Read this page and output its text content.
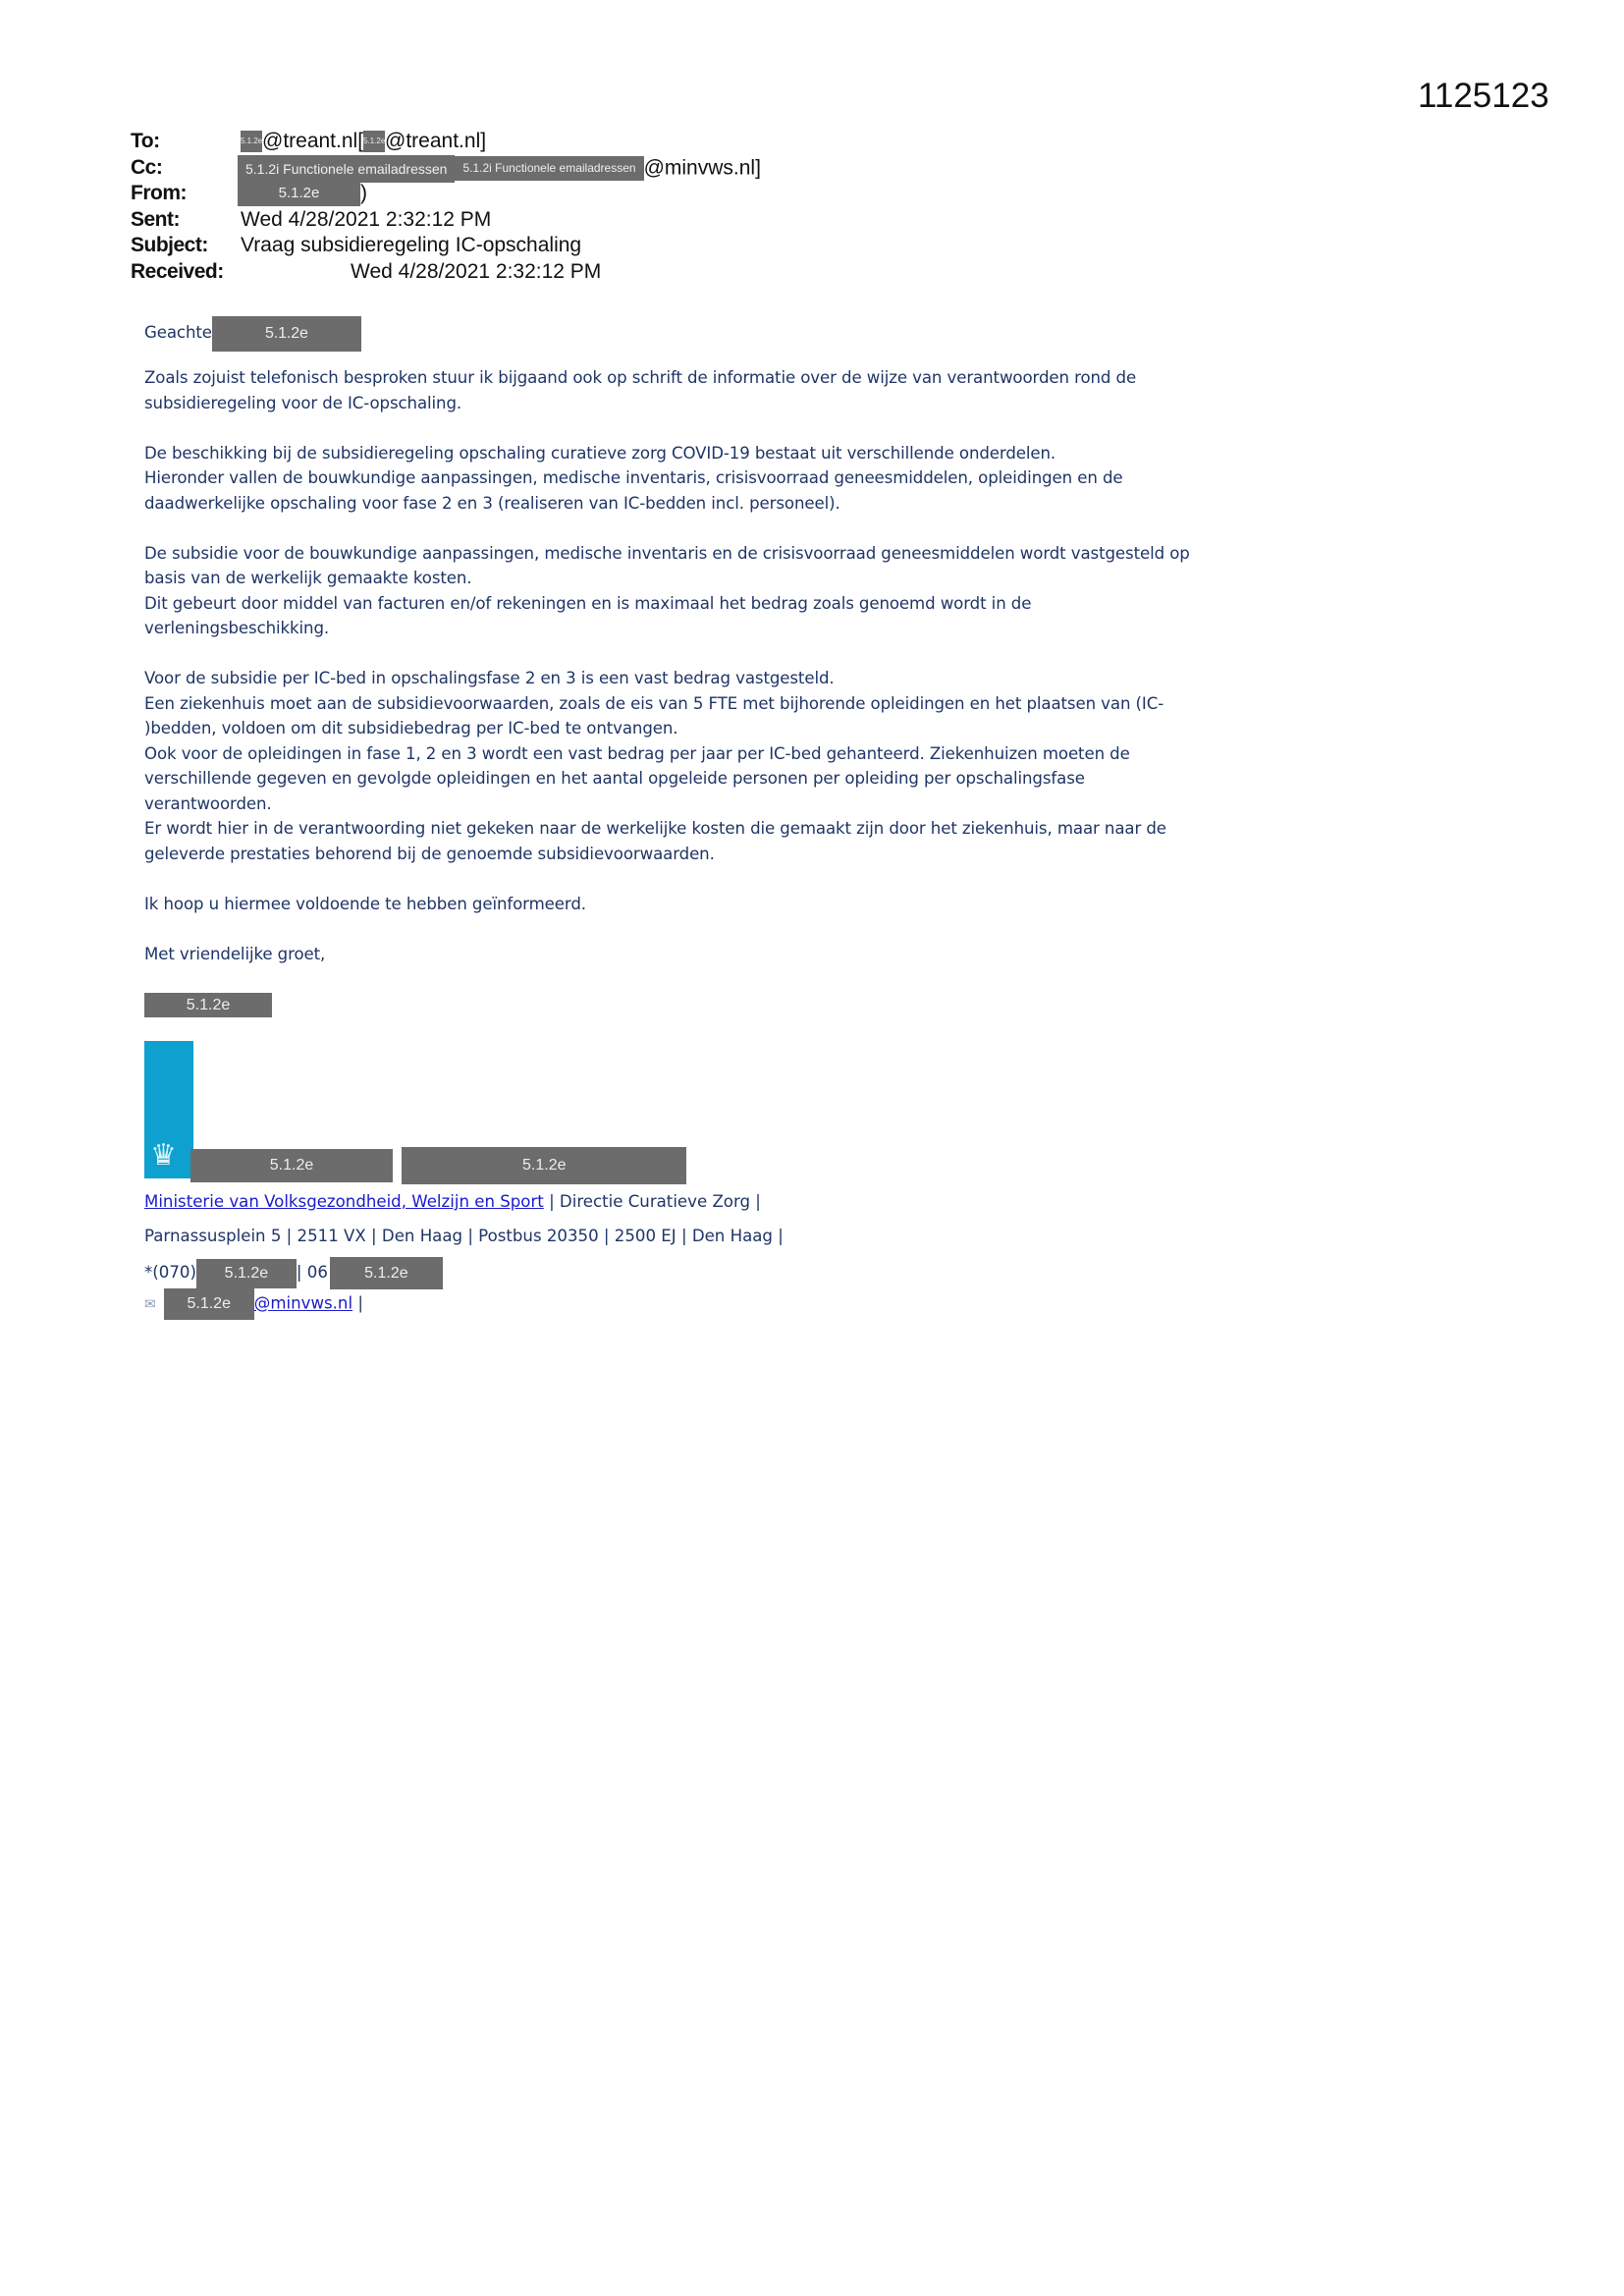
1125123
To:	5.1.2e@treant.nl[5.1.2e@treant.nl]
Cc:	5.1.2i Functionele emailadressen 5.1.2i Functionele emailadressen @minvws.nl]
From:	5.1.2e )
Sent:	Wed 4/28/2021 2:32:12 PM
Subject: Vraag subsidieregeling IC-opschaling
Received:	Wed 4/28/2021 2:32:12 PM
Geachte	5.1.2e
Zoals zojuist telefonisch besproken stuur ik bijgaand ook op schrift de informatie over de wijze van verantwoorden rond de
subsidieregeling voor de IC-opschaling.
De beschikking bij de subsidieregeling opschaling curatieve zorg COVID-19 bestaat uit verschillende onderdelen.
Hieronder vallen de bouwkundige aanpassingen, medische inventaris, crisisvoorraad geneesmiddelen, opleidingen en de
daadwerkelijke opschaling voor fase 2 en 3 (realiseren van IC-bedden incl. personeel).
De subsidie voor de bouwkundige aanpassingen, medische inventaris en de crisisvoorraad geneesmiddelen wordt vastgesteld op
basis van de werkelijk gemaakte kosten.
Dit gebeurt door middel van facturen en/of rekeningen en is maximaal het bedrag zoals genoemd wordt in de
verleningsbeschikking.
Voor de subsidie per IC-bed in opschalingsfase 2 en 3 is een vast bedrag vastgesteld.
Een ziekenhuis moet aan de subsidievoorwaarden, zoals de eis van 5 FTE met bijhorende opleidingen en het plaatsen van (IC-
)bedden, voldoen om dit subsidiebedrag per IC-bed te ontvangen.
Ook voor de opleidingen in fase 1, 2 en 3 wordt een vast bedrag per jaar per IC-bed gehanteerd. Ziekenhuizen moeten de
verschillende gegeven en gevolgde opleidingen en het aantal opgeleide personen per opleiding per opschalingsfase
verantwoorden.
Er wordt hier in de verantwoording niet gekeken naar de werkelijke kosten die gemaakt zijn door het ziekenhuis, maar naar de
geleverde prestaties behorend bij de genoemde subsidievoorwaarden.
Ik hoop u hiermee voldoende te hebben geïnformeerd.
Met vriendelijke groet,
5.1.2e
♛	5.1.2e	5.1.2e
Ministerie van Volksgezondheid, Welzijn en Sport | Directie Curatieve Zorg |
Parnassusplein 5 | 2511 VX | Den Haag | Postbus 20350 | 2500 EJ | Den Haag |
*(070) 5.1.2e | 06 5.1.2e
✉ 5.1.2e @minvws.nl |
